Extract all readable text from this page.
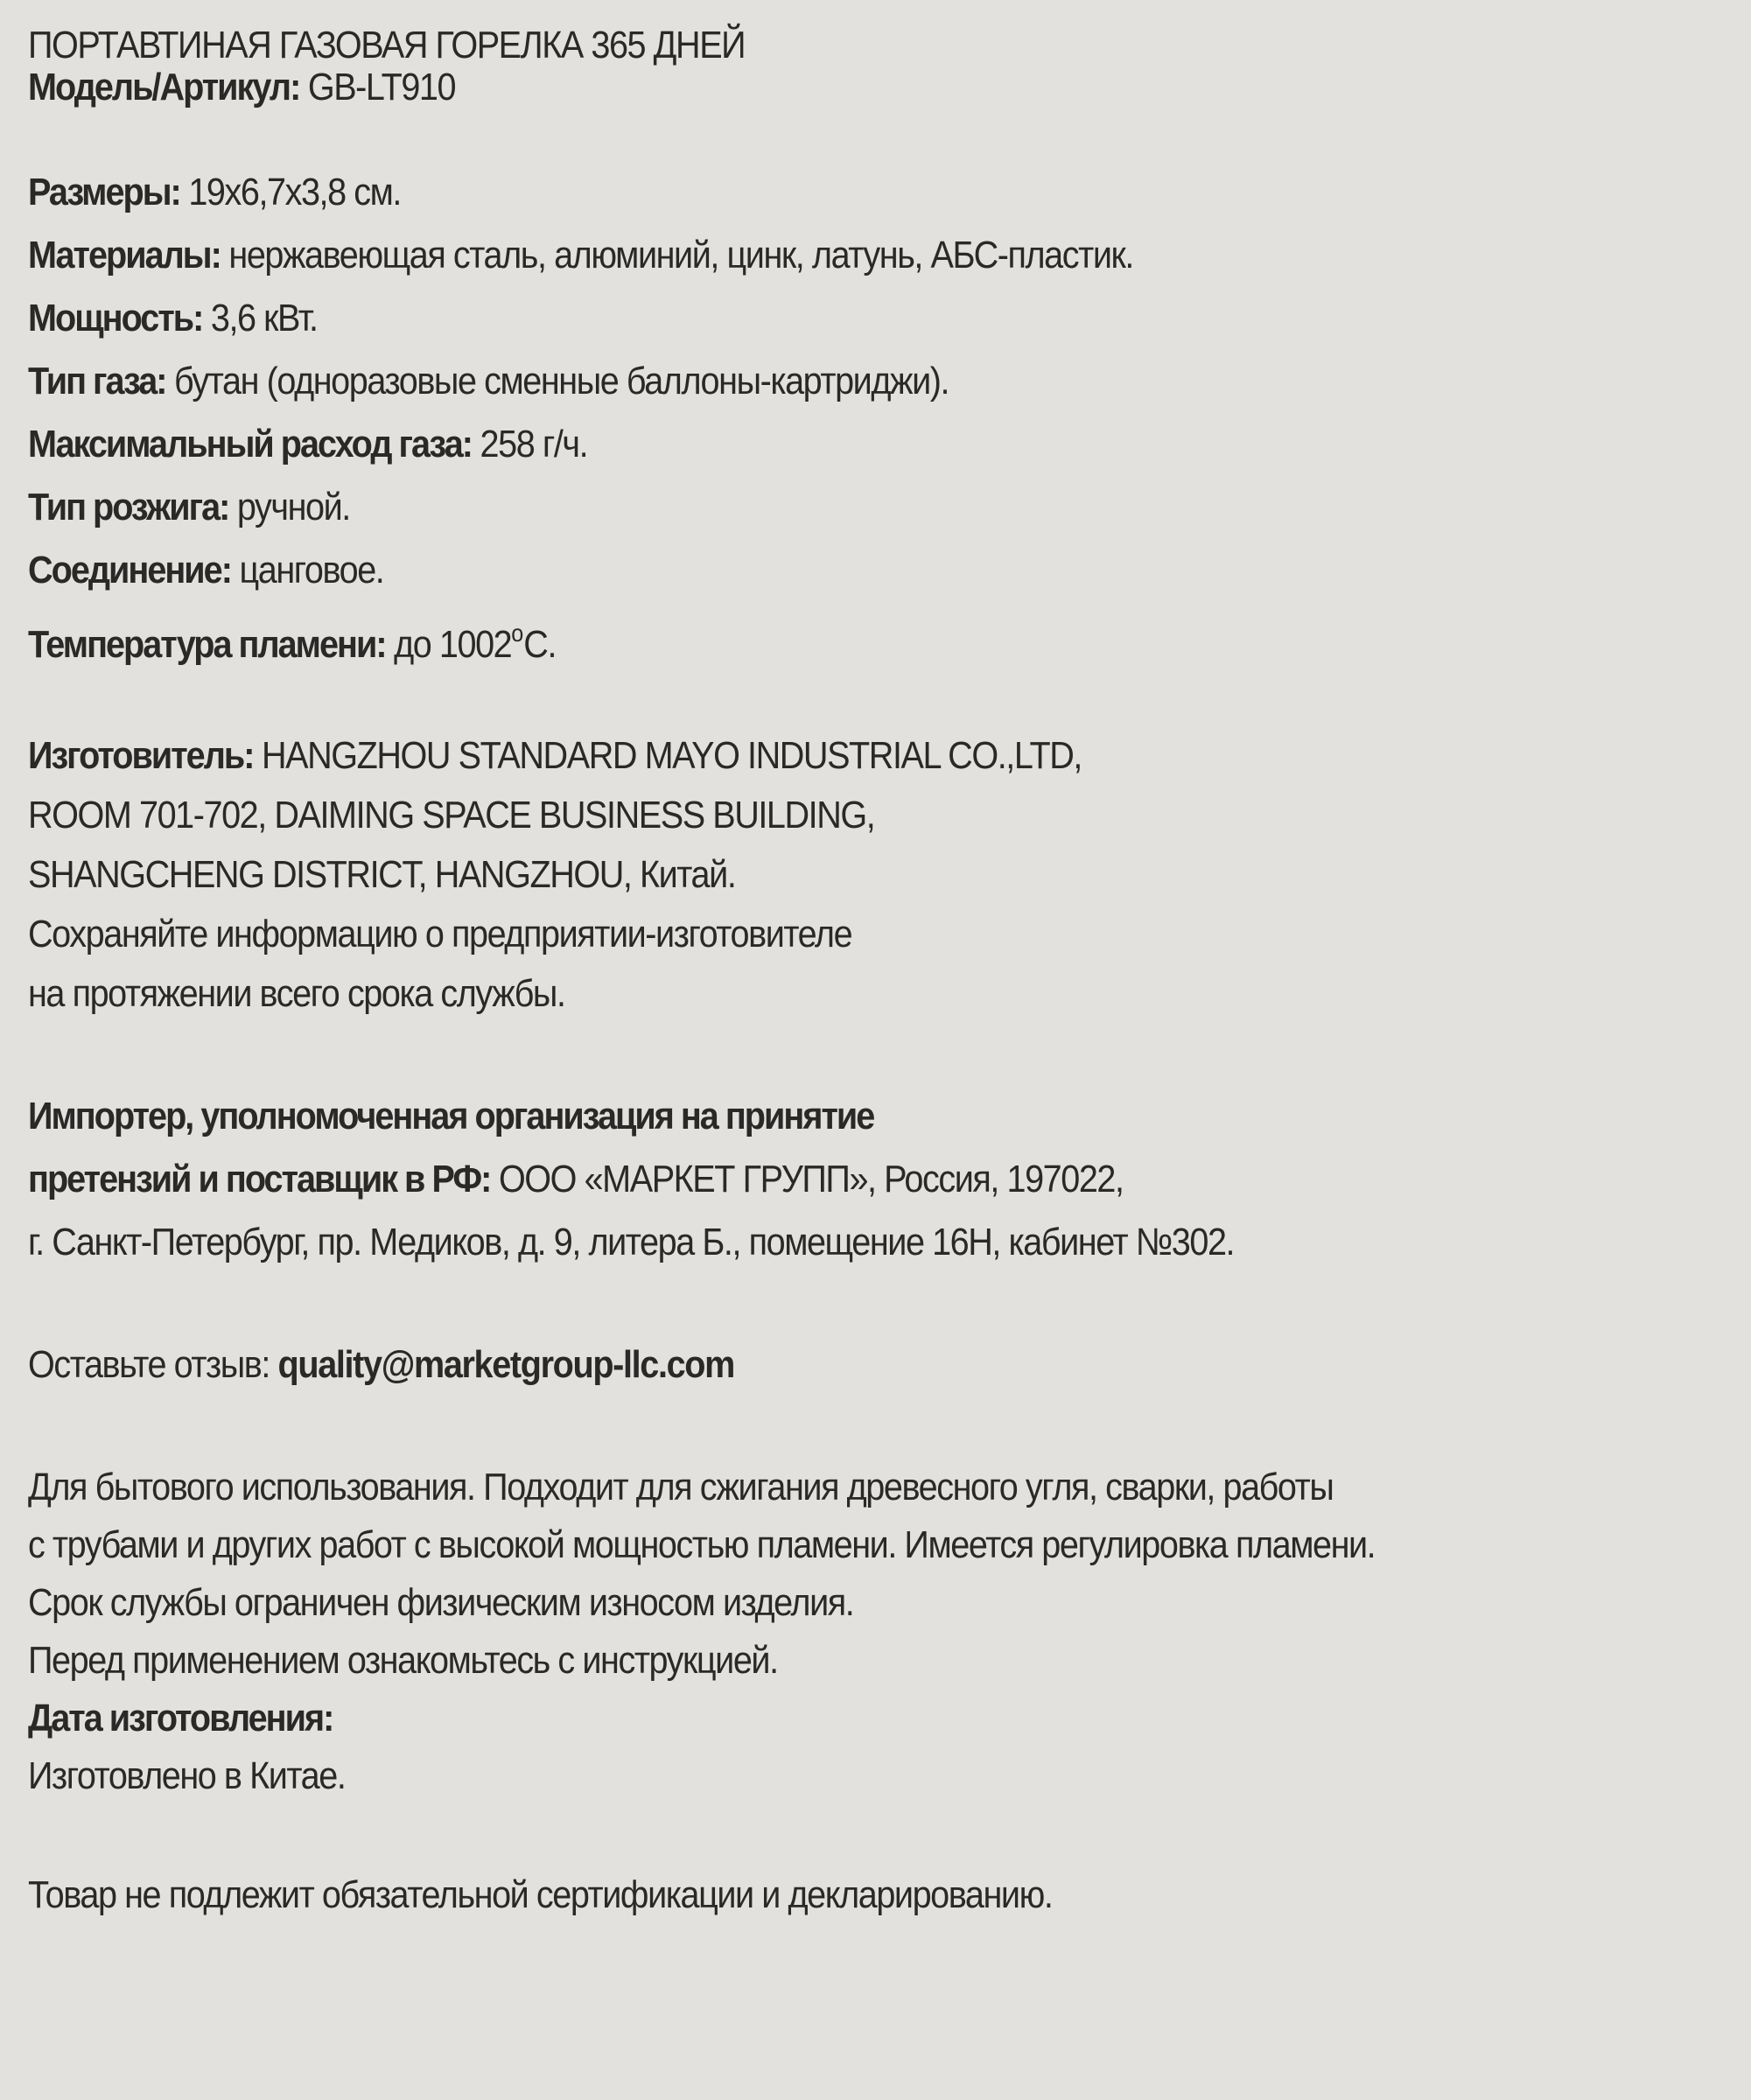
ПОРТАВТИНАЯ ГАЗОВАЯ ГОРЕЛКА 365 ДНЕЙ
Модель/Артикул: GB-LT910
Размеры: 19х6,7х3,8 см.
Материалы: нержавеющая сталь, алюминий, цинк, латунь, АБС-пластик.
Мощность: 3,6 кВт.
Тип газа: бутан (одноразовые сменные баллоны-картриджи).
Максимальный расход газа: 258 г/ч.
Тип розжига: ручной.
Соединение: цанговое.
Температура пламени: до 1002$^o$C.
Изготовитель: HANGZHOU STANDARD MAYO INDUSTRIAL CO.,LTD,
ROOM 701-702, DAIMING SPACE BUSINESS BUILDING,
SHANGCHENG DISTRICT, HANGZHOU, Китай.
Сохраняйте информацию о предприятии-изготовителе
на протяжении всего срока службы.
Импортер, уполномоченная организация на принятие
претензий и поставщик в РФ: ООО «МАРКЕТ ГРУПП», Россия, 197022,
г. Санкт-Петербург, пр. Медиков, д. 9, литера Б., помещение 16Н, кабинет №302.
Оставьте отзыв: quality@marketgroup-llc.com
Для бытового использования. Подходит для сжигания древесного угля, сварки, работы
с трубами и других работ с высокой мощностью пламени. Имеется регулировка пламени.
Срок службы ограничен физическим износом изделия.
Перед применением ознакомьтесь с инструкцией.
Дата изготовления:
Изготовлено в Китае.
Товар не подлежит обязательной сертификации и декларированию.
